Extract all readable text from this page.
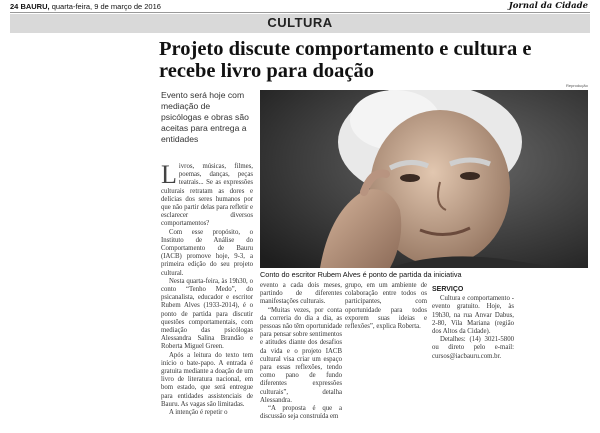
24 BAURU, quarta-feira, 9 de março de 2016	Jornal da Cidade
CULTURA
Projeto discute comportamento e cultura e recebe livro para doação

Evento será hoje com mediação de psicólogas e obras são aceitas para entrega a entidades

Reprodução
Conto do escritor Rubem Alves é ponto de partida da iniciativa

Livros, músicas, filmes, poemas, danças, peças teatrais... Se as expressões culturais retratam as dores e delícias dos seres humanos por que não partir delas para refletir e esclarecer diversos comportamentos?

Com esse propósito, o Instituto de Análise do Comportamento de Bauru (IACB) promove hoje, 9-3, a primeira edição do seu projeto cultural.

Nesta quarta-feira, às 19h30, o conto “Tenho Medo”, do psicanalista, educador e escritor Rubem Alves (1933-2014), é o ponto de partida para discutir questões comportamentais, com mediação das psicólogas Alessandra Salina Brandão e Roberta Miguel Green.

Após a leitura do texto tem início o bate-papo. A entrada é gratuita mediante a doação de um livro de literatura nacional, em bom estado, que será entregue para entidades assistenciais de Bauru. As vagas são limitadas.

A intenção é repetir o

evento a cada dois meses, partindo de diferentes manifestações culturais.

“Muitas vezes, por conta da correria do dia a dia, as pessoas não têm oportunidade para pensar sobre sentimentos e atitudes diante dos desafios da vida e o projeto IACB cultural visa criar um espaço para essas reflexões, tendo como pano de fundo diferentes expressões culturais”, detalha Alessandra.

“A proposta é que a discussão seja construída em

grupo, em um ambiente de colaboração entre todos os participantes, com oportunidade para todos exporem suas ideias e reflexões”, explica Roberta.

SERVIÇO

Cultura e comportamento - evento gratuito. Hoje, às 19h30, na rua Anvar Dabus, 2-80, Vila Mariana (região dos Altos da Cidade).

Detalhes: (14) 3021-5800 ou direto pelo e-mail: cursos@iacbauru.com.br.
